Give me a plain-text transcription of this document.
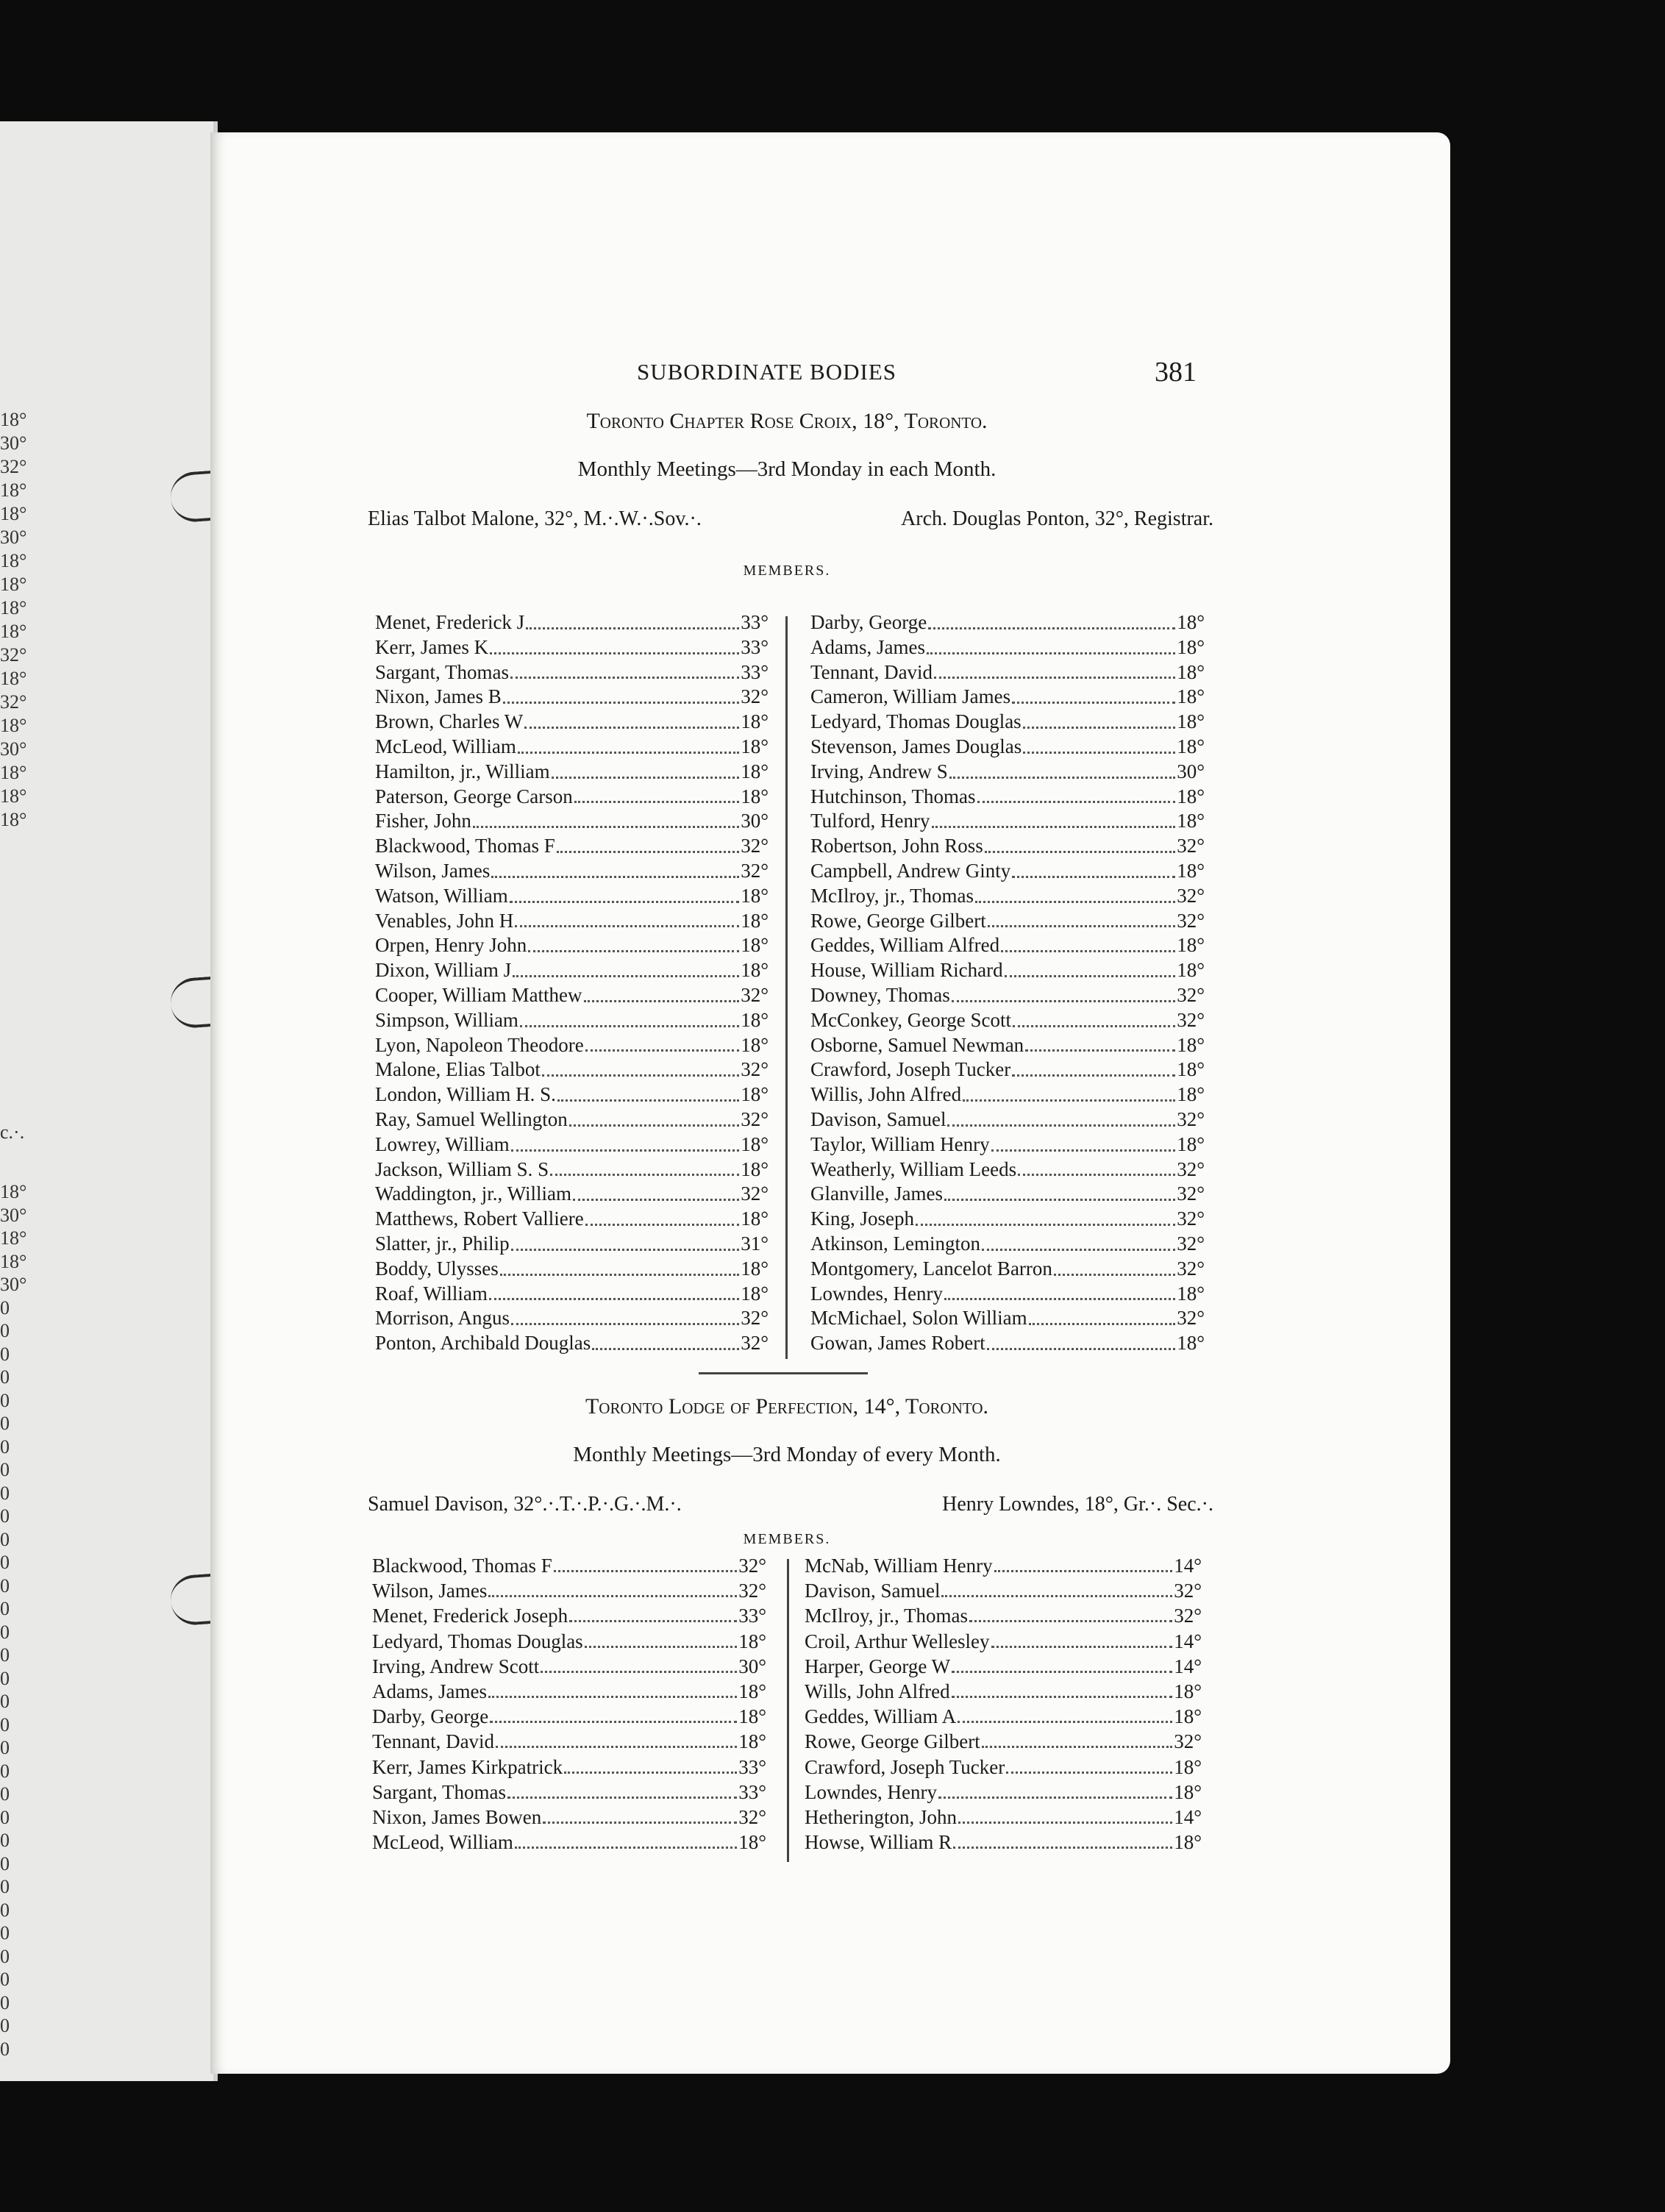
18°
30°
32°
18°
18°
30°
18°
18°
18°
18°
32°
18°
32°
18°
30°
18°
18°
18°
c.·.
18°
30°
18°
18°
30°
0
0
0
0
0
0
0
0
0
0
0
0
0
0
0
0
0
0
0
0
0
0
0
0
0
0
0
0
0
0
0
0
0
SUBORDINATE BODIES	381
Toronto Chapter Rose Croix, 18°, Toronto.
Monthly Meetings—3rd Monday in each Month.
Elias Talbot Malone, 32°, M.·.W.·.Sov.·.	Arch. Douglas Ponton, 32°, Registrar.
MEMBERS.
Menet, Frederick J	33°
Kerr, James K	33°
Sargant, Thomas	33°
Nixon, James B	32°
Brown, Charles W	18°
McLeod, William	18°
Hamilton, jr., William	18°
Paterson, George Carson	18°
Fisher, John	30°
Blackwood, Thomas F	32°
Wilson, James	32°
Watson, William	18°
Venables, John H	18°
Orpen, Henry John	18°
Dixon, William J	18°
Cooper, William Matthew	32°
Simpson, William	18°
Lyon, Napoleon Theodore	18°
Malone, Elias Talbot	32°
London, William H. S.	18°
Ray, Samuel Wellington	32°
Lowrey, William	18°
Jackson, William S. S	18°
Waddington, jr., William	32°
Matthews, Robert Valliere	18°
Slatter, jr., Philip	31°
Boddy, Ulysses	18°
Roaf, William	18°
Morrison, Angus	32°
Ponton, Archibald Douglas	32°
Darby, George	18°
Adams, James	18°
Tennant, David	18°
Cameron, William James	18°
Ledyard, Thomas Douglas	18°
Stevenson, James Douglas	18°
Irving, Andrew S	30°
Hutchinson, Thomas	18°
Tulford, Henry	18°
Robertson, John Ross	32°
Campbell, Andrew Ginty	18°
McIlroy, jr., Thomas	32°
Rowe, George Gilbert	32°
Geddes, William Alfred	18°
House, William Richard	18°
Downey, Thomas	32°
McConkey, George Scott	32°
Osborne, Samuel Newman	18°
Crawford, Joseph Tucker	18°
Willis, John Alfred	18°
Davison, Samuel	32°
Taylor, William Henry	18°
Weatherly, William Leeds	32°
Glanville, James	32°
King, Joseph	32°
Atkinson, Lemington	32°
Montgomery, Lancelot Barron	32°
Lowndes, Henry	18°
McMichael, Solon William	32°
Gowan, James Robert	18°
Toronto Lodge of Perfection, 14°, Toronto.
Monthly Meetings—3rd Monday of every Month.
Samuel Davison, 32°.·.T.·.P.·.G.·.M.·.	Henry Lowndes, 18°, Gr.·. Sec.·.
MEMBERS.
Blackwood, Thomas F	32°
Wilson, James	32°
Menet, Frederick Joseph	33°
Ledyard, Thomas Douglas	18°
Irving, Andrew Scott	30°
Adams, James	18°
Darby, George	18°
Tennant, David	18°
Kerr, James Kirkpatrick	33°
Sargant, Thomas	33°
Nixon, James Bowen	32°
McLeod, William	18°
McNab, William Henry	14°
Davison, Samuel	32°
McIlroy, jr., Thomas	32°
Croil, Arthur Wellesley	14°
Harper, George W	14°
Wills, John Alfred	18°
Geddes, William A	18°
Rowe, George Gilbert	32°
Crawford, Joseph Tucker	18°
Lowndes, Henry	18°
Hetherington, John	14°
Howse, William R	18°
